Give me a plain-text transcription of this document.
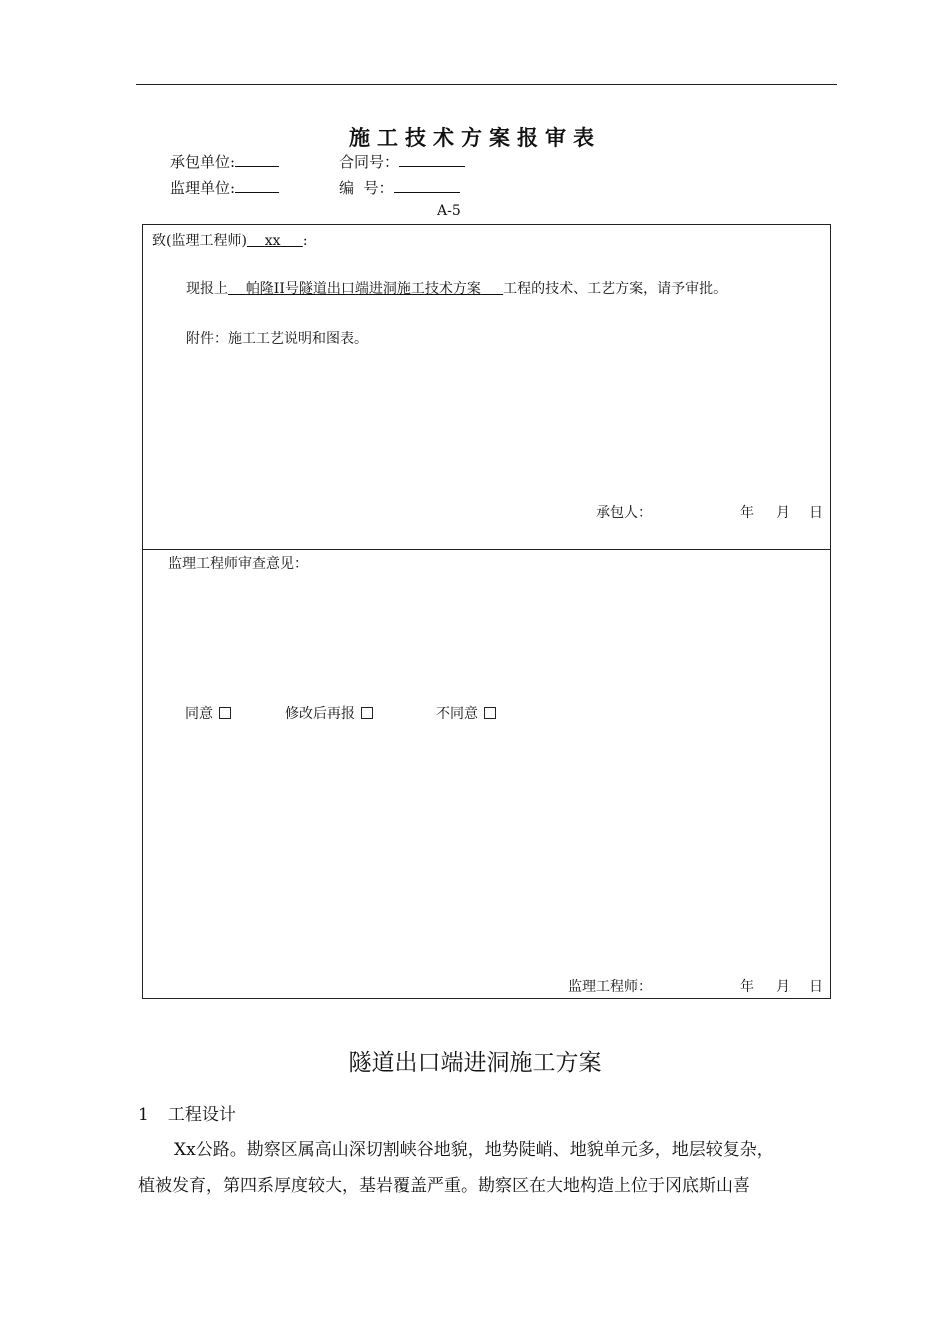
施工技术方案报审表
承包单位:	合同号：
监理单位:	编  号：
A-5
致(监理工程师) xx :
现报上 帕隆II号隧道出口端进洞施工技术方案 工程的技术、工艺方案，请予审批。
附件：施工工艺说明和图表。
承包人：	年 月 日
监理工程师审查意见：
同意	修改后再报	不同意
监理工程师：	年 月 日
隧道出口端进洞施工方案
1 工程设计
Xx公路。勘察区属高山深切割峡谷地貌，地势陡峭、地貌单元多，地层较复杂，
植被发育，第四系厚度较大，基岩覆盖严重。勘察区在大地构造上位于冈底斯山喜
